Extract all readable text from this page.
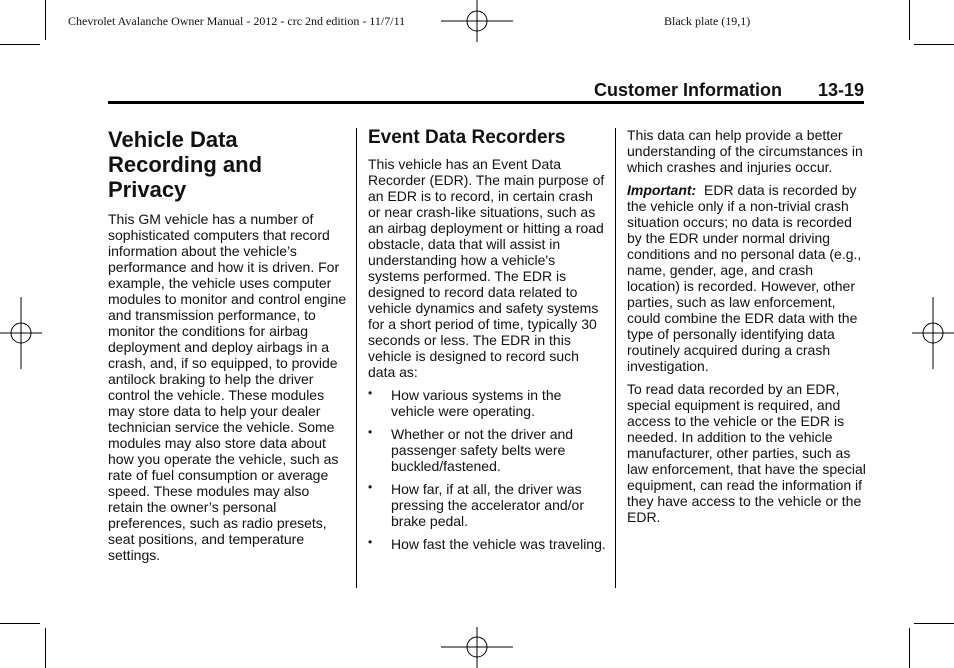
Chevrolet Avalanche Owner Manual - 2012 - crc 2nd edition - 11/7/11	Black plate (19,1)
Customer Information 13-19
Vehicle Data
Recording and
Privacy

This GM vehicle has a number of sophisticated computers that record information about the vehicle’s performance and how it is driven. For example, the vehicle uses computer modules to monitor and control engine and transmission performance, to monitor the conditions for airbag deployment and deploy airbags in a crash, and, if so equipped, to provide antilock braking to help the driver control the vehicle. These modules may store data to help your dealer technician service the vehicle. Some modules may also store data about how you operate the vehicle, such as rate of fuel consumption or average speed. These modules may also retain the owner’s personal preferences, such as radio presets, seat positions, and temperature settings.

Event Data Recorders

This vehicle has an Event Data Recorder (EDR). The main purpose of an EDR is to record, in certain crash or near crash-like situations, such as an airbag deployment or hitting a road obstacle, data that will assist in understanding how a vehicle's systems performed. The EDR is designed to record data related to vehicle dynamics and safety systems for a short period of time, typically 30 seconds or less. The EDR in this vehicle is designed to record such data as:

• How various systems in the vehicle were operating.
• Whether or not the driver and passenger safety belts were buckled/fastened.
• How far, if at all, the driver was pressing the accelerator and/or brake pedal.
• How fast the vehicle was traveling.

This data can help provide a better understanding of the circumstances in which crashes and injuries occur.

Important: EDR data is recorded by the vehicle only if a non-trivial crash situation occurs; no data is recorded by the EDR under normal driving conditions and no personal data (e.g., name, gender, age, and crash location) is recorded. However, other parties, such as law enforcement, could combine the EDR data with the type of personally identifying data routinely acquired during a crash investigation.

To read data recorded by an EDR, special equipment is required, and access to the vehicle or the EDR is needed. In addition to the vehicle manufacturer, other parties, such as law enforcement, that have the special equipment, can read the information if they have access to the vehicle or the EDR.
